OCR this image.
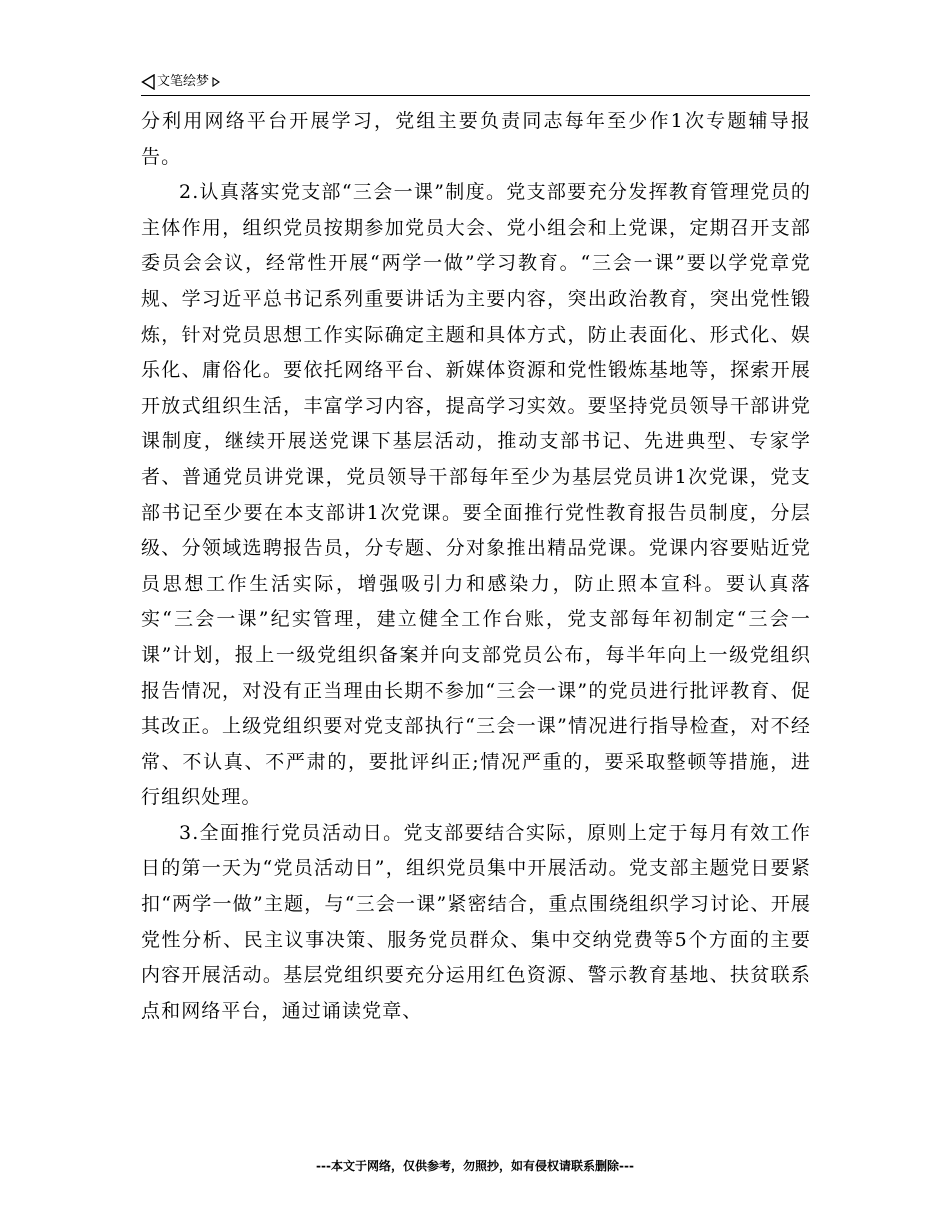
文笔绘梦

分利用网络平台开展学习，党组主要负责同志每年至少作1次专题辅导报告。

2.认真落实党支部“三会一课”制度。党支部要充分发挥教育管理党员的主体作用，组织党员按期参加党员大会、党小组会和上党课，定期召开支部委员会会议，经常性开展“两学一做”学习教育。“三会一课”要以学党章党规、学习近平总书记系列重要讲话为主要内容，突出政治教育，突出党性锻炼，针对党员思想工作实际确定主题和具体方式，防止表面化、形式化、娱乐化、庸俗化。要依托网络平台、新媒体资源和党性锻炼基地等，探索开展开放式组织生活，丰富学习内容，提高学习实效。要坚持党员领导干部讲党课制度，继续开展送党课下基层活动，推动支部书记、先进典型、专家学者、普通党员讲党课，党员领导干部每年至少为基层党员讲1次党课，党支部书记至少要在本支部讲1次党课。要全面推行党性教育报告员制度，分层级、分领域选聘报告员，分专题、分对象推出精品党课。党课内容要贴近党员思想工作生活实际，增强吸引力和感染力，防止照本宣科。要认真落实“三会一课”纪实管理，建立健全工作台账，党支部每年初制定“三会一课”计划，报上一级党组织备案并向支部党员公布，每半年向上一级党组织报告情况，对没有正当理由长期不参加“三会一课”的党员进行批评教育、促其改正。上级党组织要对党支部执行“三会一课”情况进行指导检查，对不经常、不认真、不严肃的，要批评纠正;情况严重的，要采取整顿等措施，进行组织处理。

3.全面推行党员活动日。党支部要结合实际，原则上定于每月有效工作日的第一天为“党员活动日”，组织党员集中开展活动。党支部主题党日要紧扣“两学一做”主题，与“三会一课”紧密结合，重点围绕组织学习讨论、开展党性分析、民主议事决策、服务党员群众、集中交纳党费等5个方面的主要内容开展活动。基层党组织要充分运用红色资源、警示教育基地、扶贫联系点和网络平台，通过诵读党章、

---本文于网络，仅供参考，勿照抄，如有侵权请联系删除---
